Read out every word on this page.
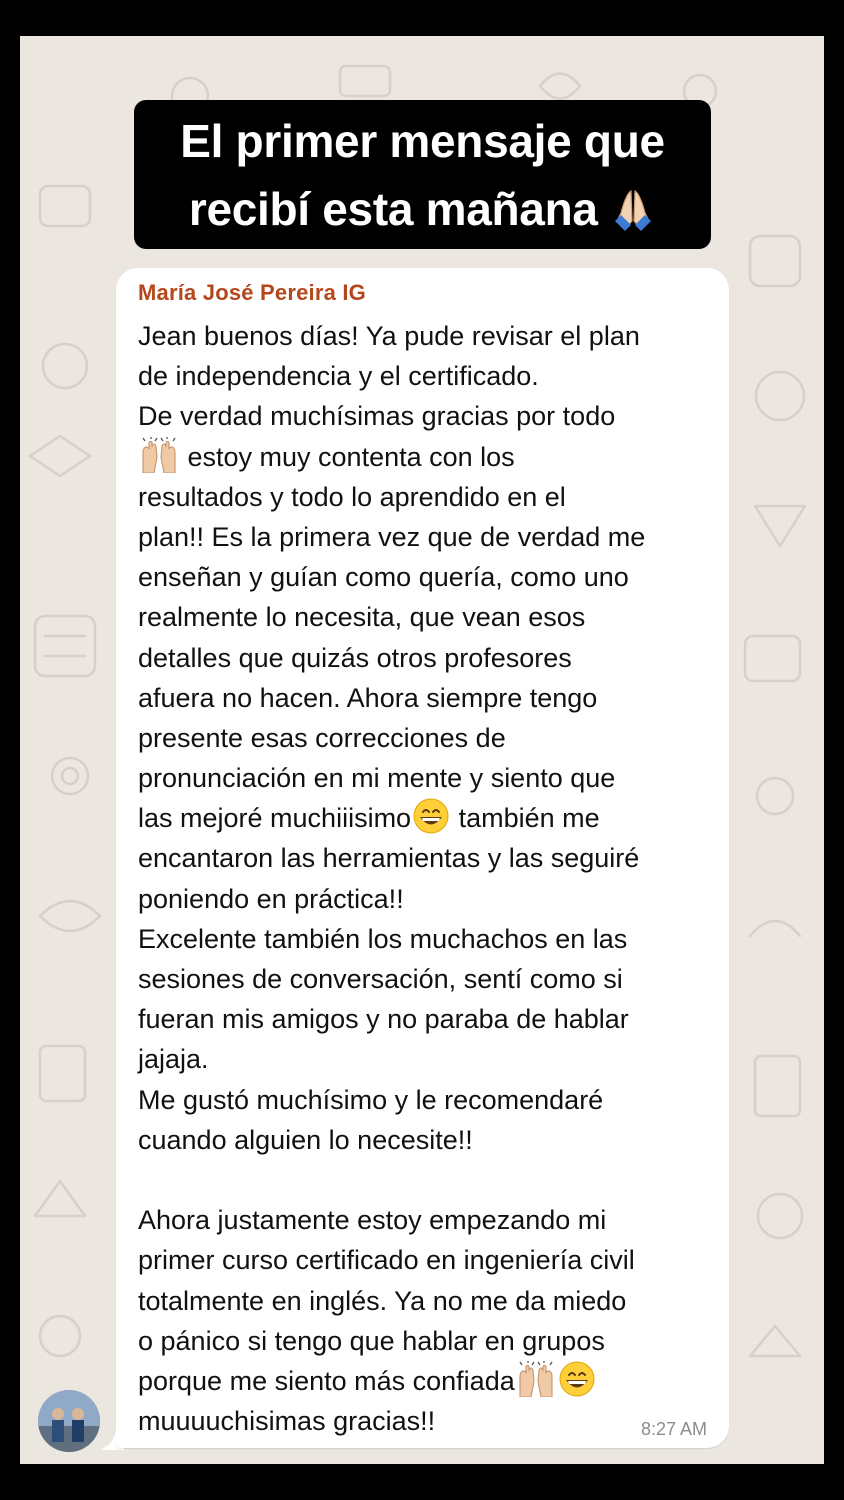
El primer mensaje que
recibí esta mañana
María José Pereira IG
Jean buenos días! Ya pude revisar el plan
de independencia y el certificado.
De verdad muchísimas gracias por todo
estoy muy contenta con los
resultados y todo lo aprendido en el
plan!! Es la primera vez que de verdad me
enseñan y guían como quería, como uno
realmente lo necesita, que vean esos
detalles que quizás otros profesores
afuera no hacen. Ahora siempre tengo
presente esas correcciones de
pronunciación en mi mente y siento que
las mejoré muchiiisimo también me
encantaron las herramientas y las seguiré
poniendo en práctica!!
Excelente también los muchachos en las
sesiones de conversación, sentí como si
fueran mis amigos y no paraba de hablar
jajaja.
Me gustó muchísimo y le recomendaré
cuando alguien lo necesite!!
Ahora justamente estoy empezando mi
primer curso certificado en ingeniería civil
totalmente en inglés. Ya no me da miedo
o pánico si tengo que hablar en grupos
porque me siento más confiada
muuuuchisimas gracias!!	8:27 AM
